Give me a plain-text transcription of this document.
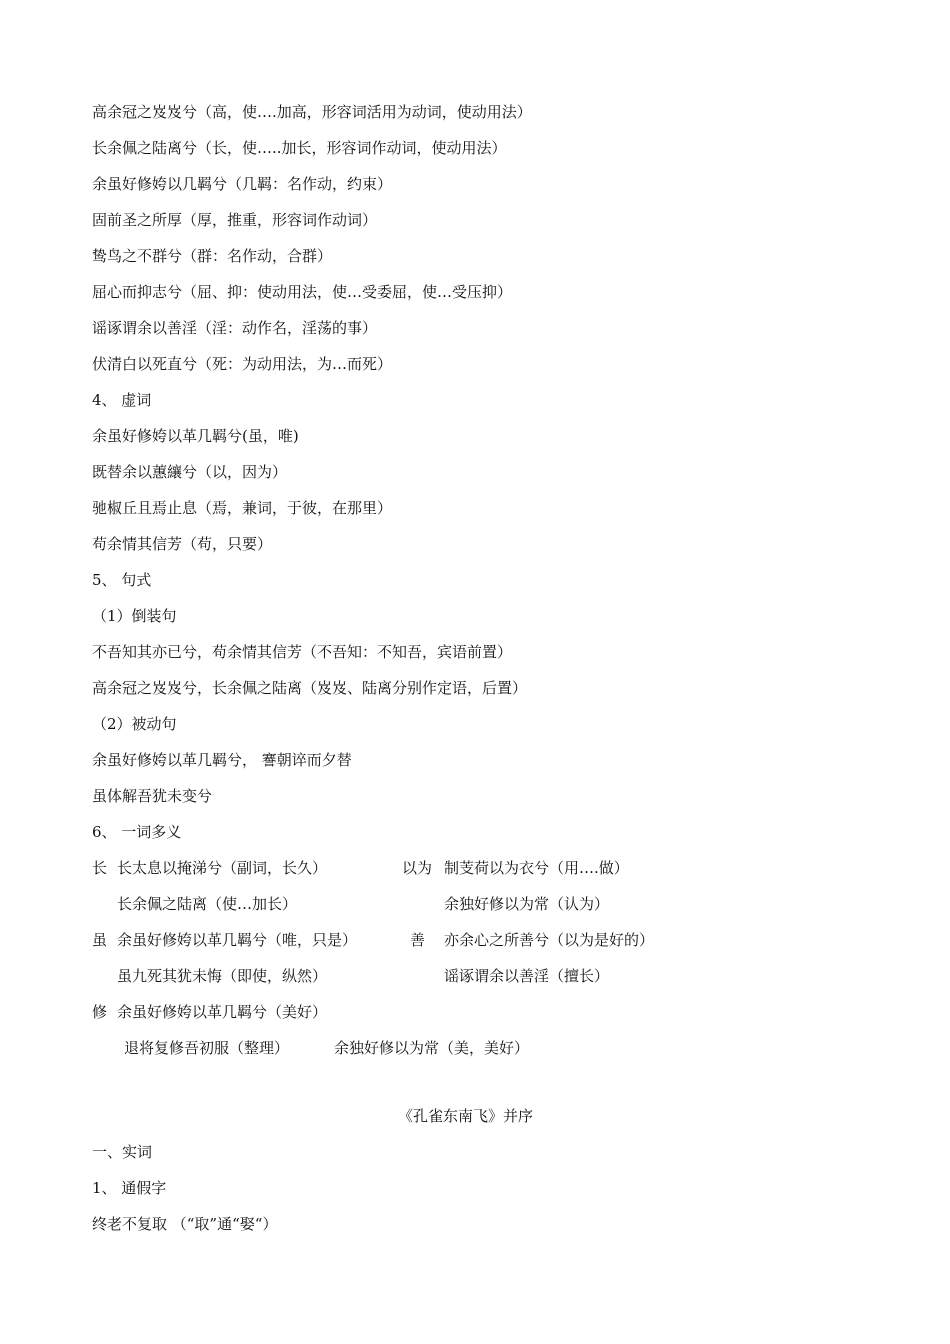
高余冠之岌岌兮（高，使….加高，形容词活用为动词，使动用法）
长余佩之陆离兮（长，使…..加长，形容词作动词，使动用法）
余虽好修姱以几羁兮（几羁：名作动，约束）
固前圣之所厚（厚，推重，形容词作动词）
鸷鸟之不群兮（群：名作动，合群）
屈心而抑志兮（屈、抑：使动用法，使…受委屈，使…受压抑）
谣诼谓余以善淫（淫：动作名，淫荡的事）
伏清白以死直兮（死：为动用法，为…而死）
4、 虚词
余虽好修姱以革几羁兮(虽，唯)
既替余以蕙纕兮（以，因为）
驰椒丘且焉止息（焉，兼词，于彼，在那里）
苟余情其信芳（苟，只要）
5、 句式
（1）倒装句
不吾知其亦已兮，苟余情其信芳（不吾知：不知吾，宾语前置）
高余冠之岌岌兮，长余佩之陆离（岌岌、陆离分别作定语，后置）
（2）被动句
余虽好修姱以革几羁兮， 謇朝谇而夕替
虽体解吾犹未变兮
6、 一词多义
长 长太息以掩涕兮（副词，长久）	以为 制芰荷以为衣兮（用….做）
长余佩之陆离（使…加长）	余独好修以为常（认为）
虽 余虽好修姱以革几羁兮（唯，只是）	善 亦余心之所善兮（以为是好的）
虽九死其犹未悔（即使，纵然）	谣诼谓余以善淫（擅长）
修 余虽好修姱以革几羁兮（美好）
退将复修吾初服（整理）	余独好修以为常（美，美好）
《孔雀东南飞》并序
一、实词
1、 通假字
终老不复取 （“取”通“娶“）
